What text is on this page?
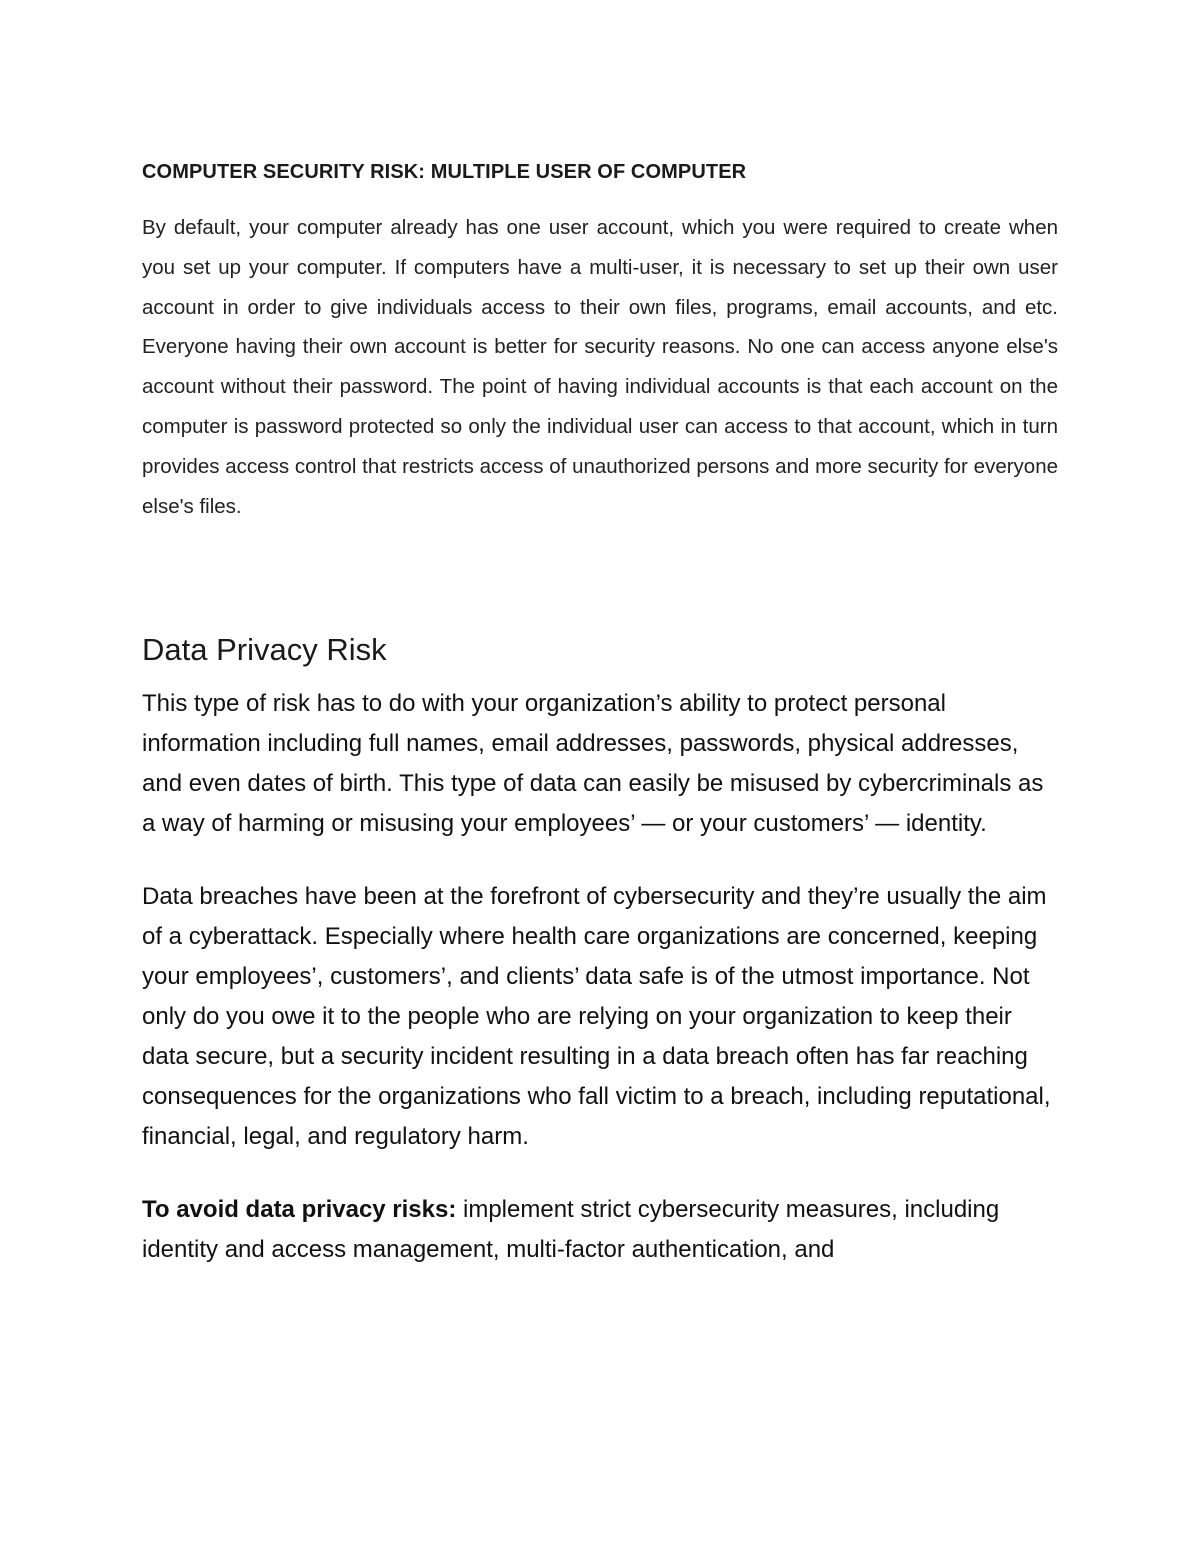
COMPUTER SECURITY RISK: MULTIPLE USER OF COMPUTER

By default, your computer already has one user account, which you were required to create when you set up your computer. If computers have a multi-user, it is necessary to set up their own user account in order to give individuals access to their own files, programs, email accounts, and etc. Everyone having their own account is better for security reasons. No one can access anyone else's account without their password. The point of having individual accounts is that each account on the computer is password protected so only the individual user can access to that account, which in turn provides access control that restricts access of unauthorized persons and more security for everyone else's files.

Data Privacy Risk

This type of risk has to do with your organization’s ability to protect personal information including full names, email addresses, passwords, physical addresses, and even dates of birth. This type of data can easily be misused by cybercriminals as a way of harming or misusing your employees’ — or your customers’ — identity.

Data breaches have been at the forefront of cybersecurity and they’re usually the aim of a cyberattack. Especially where health care organizations are concerned, keeping your employees’, customers’, and clients’ data safe is of the utmost importance. Not only do you owe it to the people who are relying on your organization to keep their data secure, but a security incident resulting in a data breach often has far reaching consequences for the organizations who fall victim to a breach, including reputational, financial, legal, and regulatory harm.

To avoid data privacy risks: implement strict cybersecurity measures, including identity and access management, multi-factor authentication, and
